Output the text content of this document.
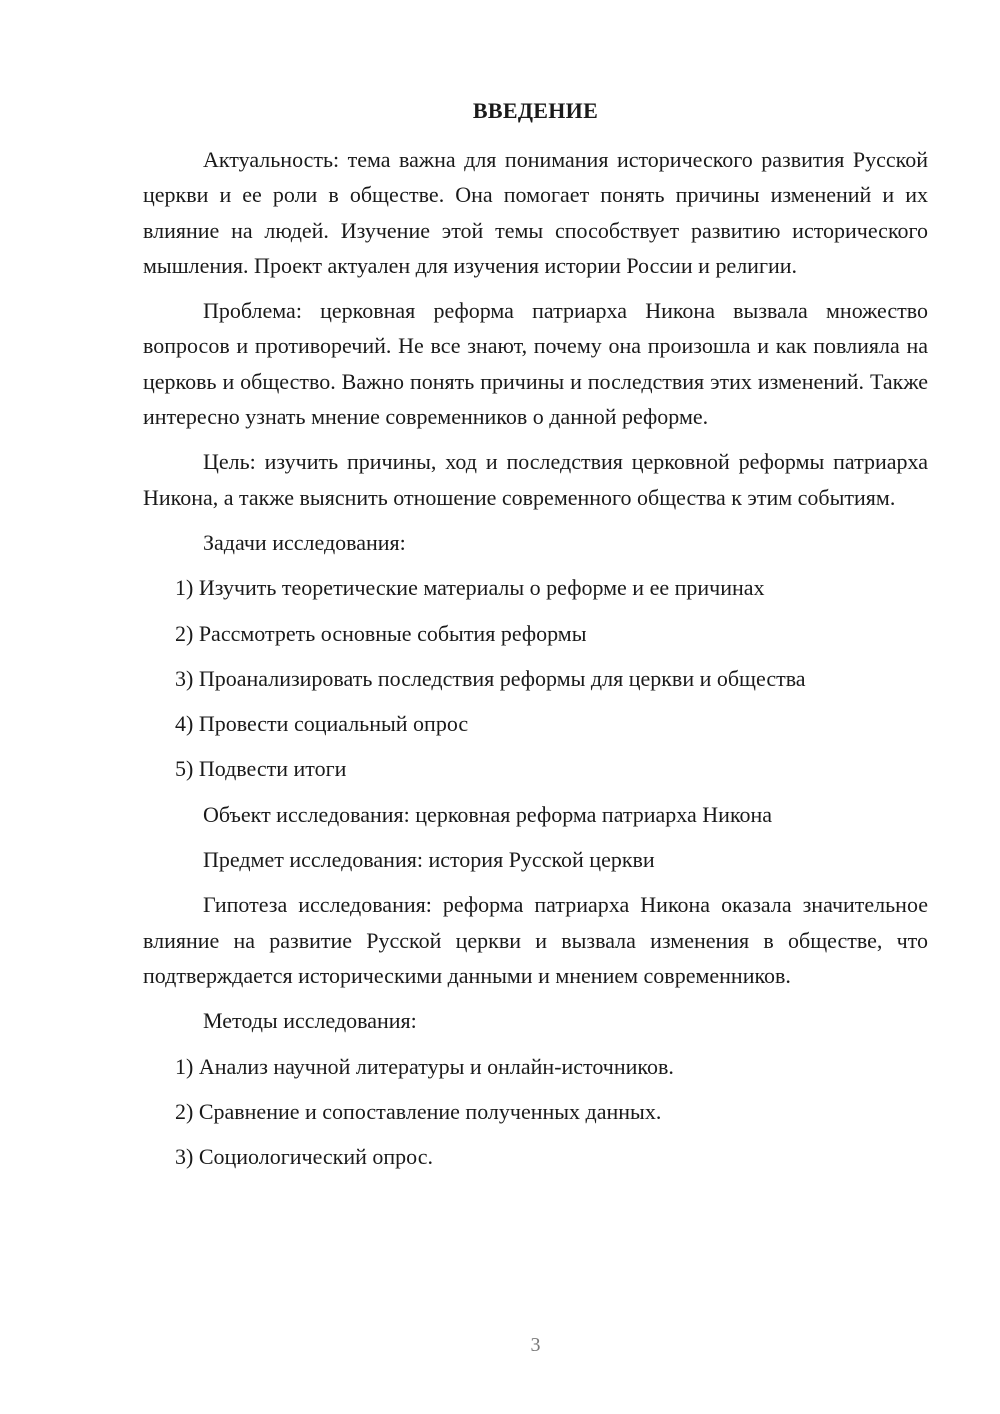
ВВЕДЕНИЕ

Актуальность: тема важна для понимания исторического развития Русской церкви и ее роли в обществе. Она помогает понять причины изменений и их влияние на людей. Изучение этой темы способствует развитию исторического мышления. Проект актуален для изучения истории России и религии.

Проблема: церковная реформа патриарха Никона вызвала множество вопросов и противоречий. Не все знают, почему она произошла и как повлияла на церковь и общество. Важно понять причины и последствия этих изменений. Также интересно узнать мнение современников о данной реформе.

Цель: изучить причины, ход и последствия церковной реформы патриарха Никона, а также выяснить отношение современного общества к этим событиям.

Задачи исследования:

1) Изучить теоретические материалы о реформе и ее причинах

2) Рассмотреть основные события реформы

3) Проанализировать последствия реформы для церкви и общества

4) Провести социальный опрос

5) Подвести итоги

Объект исследования: церковная реформа патриарха Никона

Предмет исследования: история Русской церкви

Гипотеза исследования: реформа патриарха Никона оказала значительное влияние на развитие Русской церкви и вызвала изменения в обществе, что подтверждается историческими данными и мнением современников.

Методы исследования:

1) Анализ научной литературы и онлайн-источников.

2) Сравнение и сопоставление полученных данных.

3) Социологический опрос.

3
